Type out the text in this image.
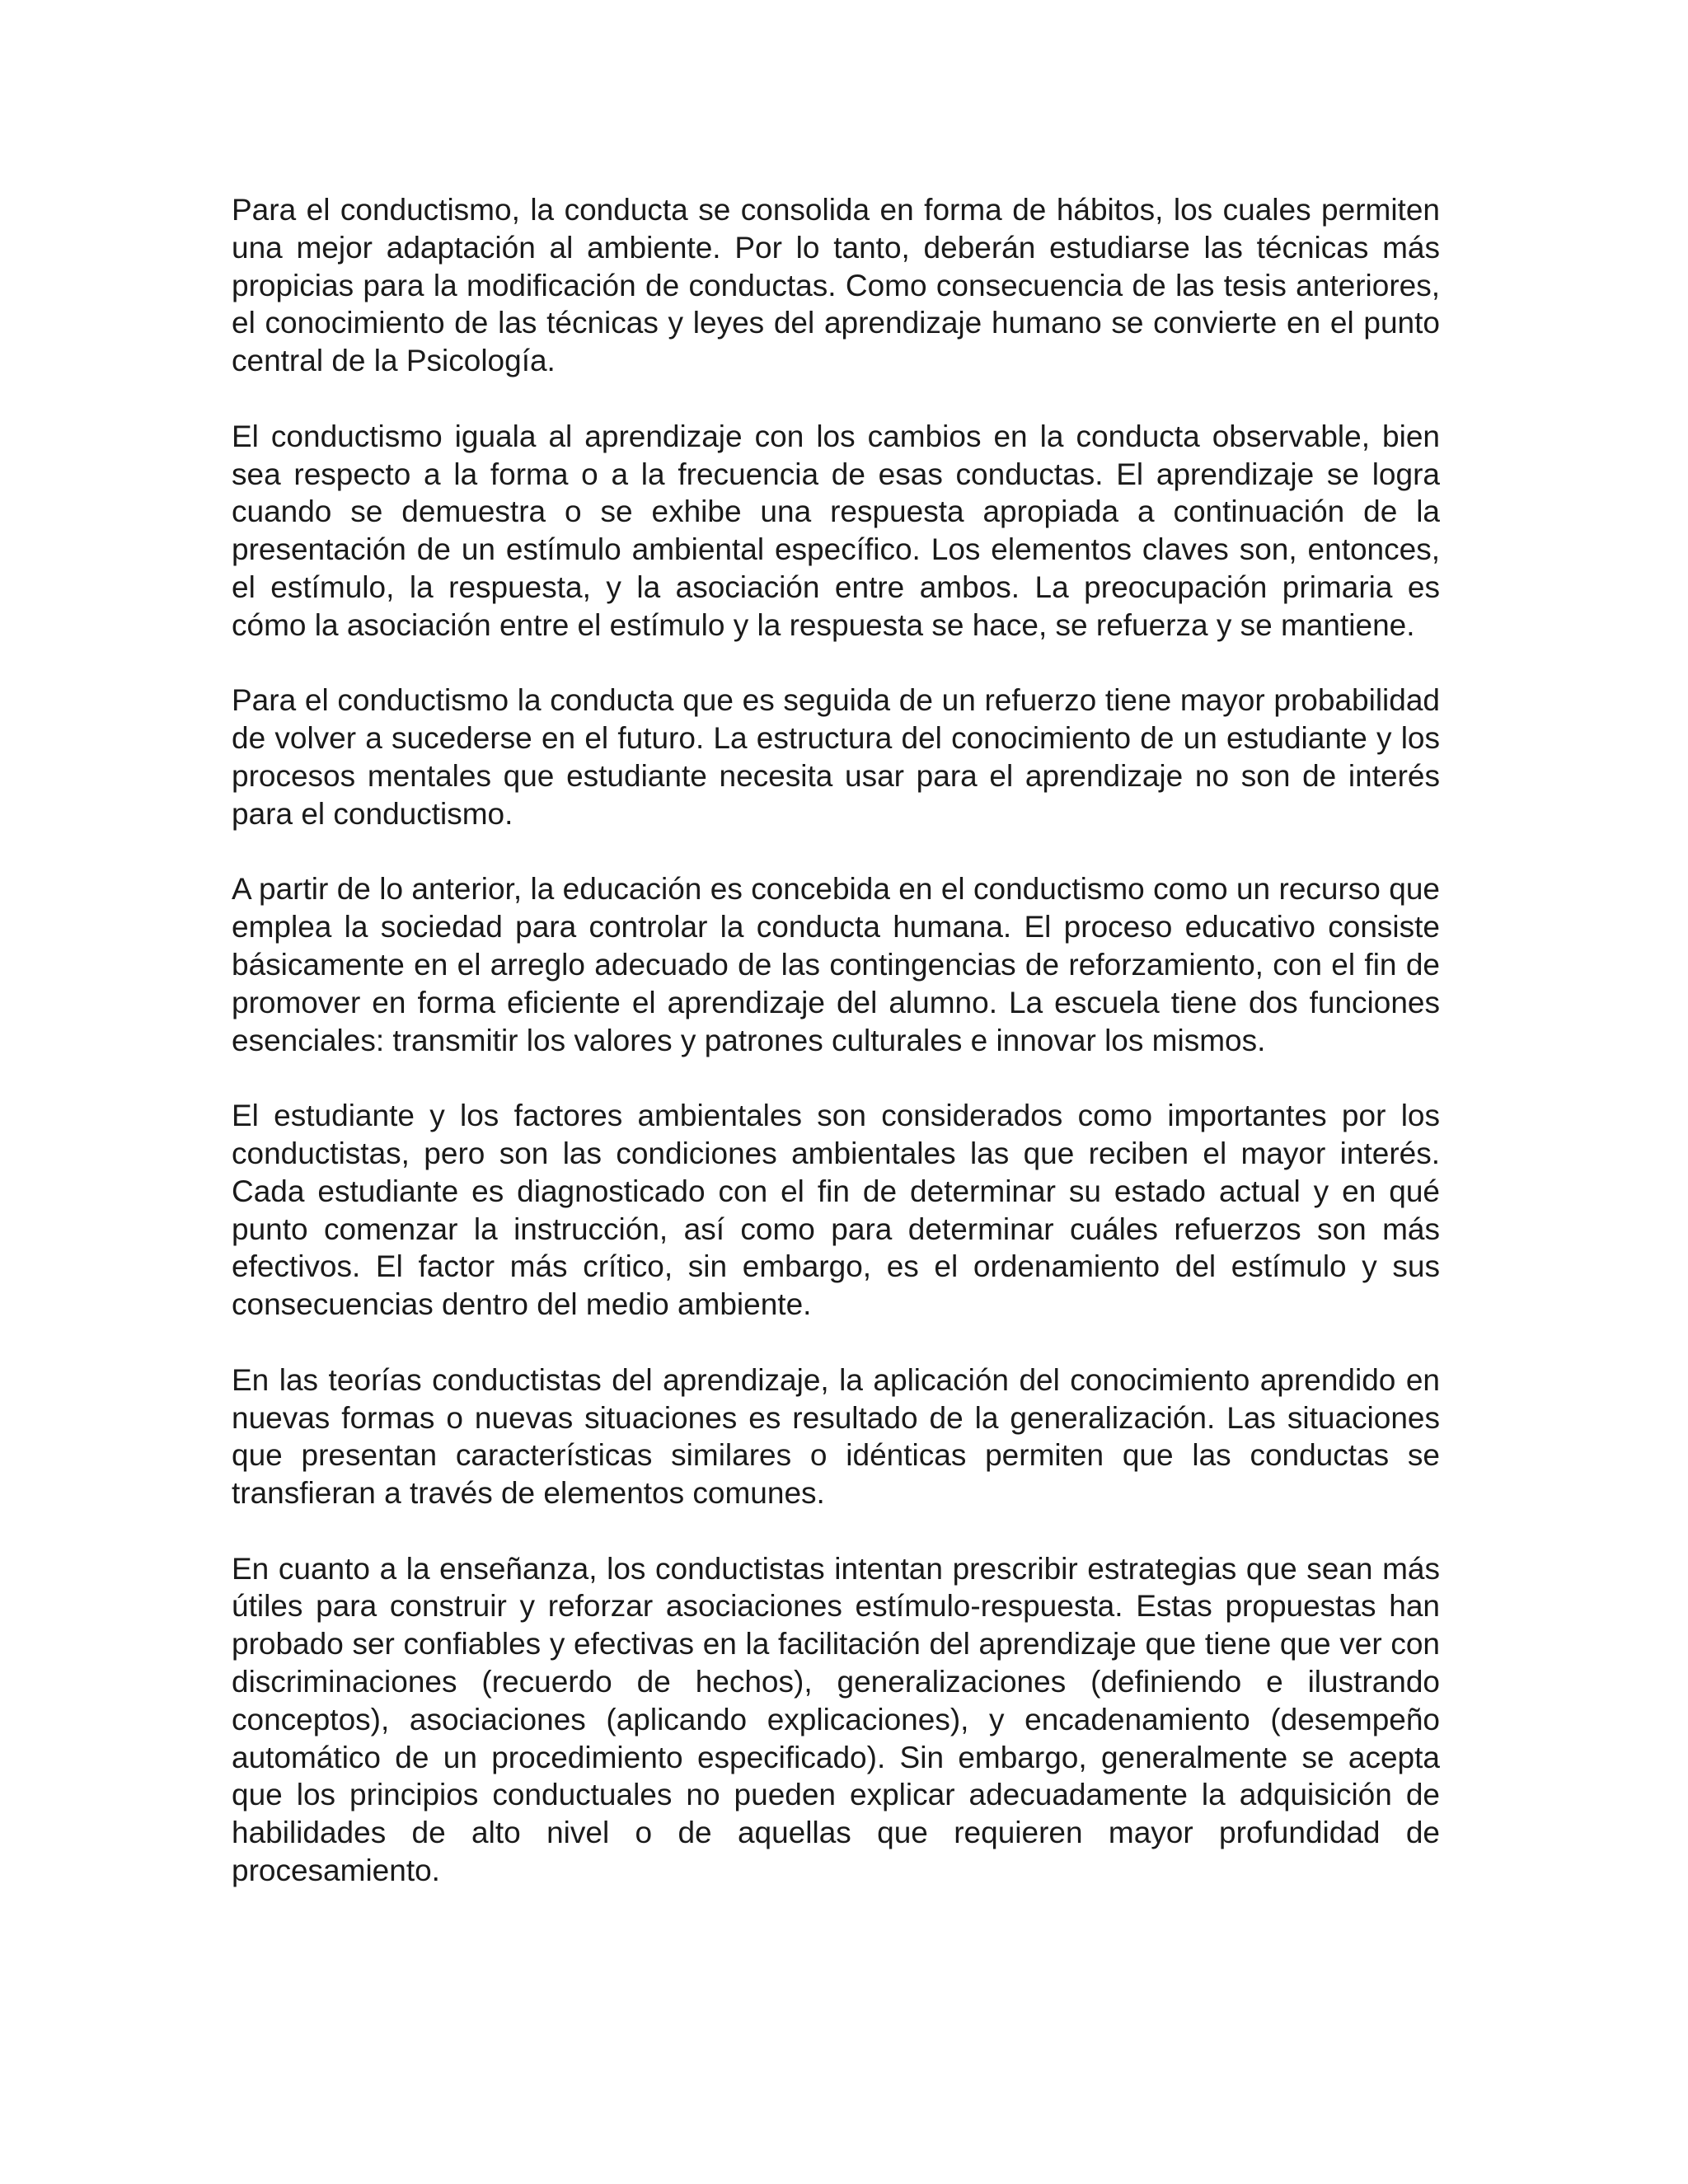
Para el conductismo, la conducta se consolida en forma de hábitos, los cuales permiten una mejor adaptación al ambiente. Por lo tanto, deberán estudiarse las técnicas más propicias para la modificación de conductas. Como consecuencia de las tesis anteriores, el conocimiento de las técnicas y leyes del aprendizaje humano se convierte en el punto central de la Psicología.

El conductismo iguala al aprendizaje con los cambios en la conducta observable, bien sea respecto a la forma o a la frecuencia de esas conductas. El aprendizaje se logra cuando se demuestra o se exhibe una respuesta apropiada a continuación de la presentación de un estímulo ambiental específico. Los elementos claves son, entonces, el estímulo, la respuesta, y la asociación entre ambos. La preocupación primaria es cómo la asociación entre el estímulo y la respuesta se hace, se refuerza y se mantiene.

Para el conductismo la conducta que es seguida de un refuerzo tiene mayor probabilidad de volver a sucederse en el futuro. La estructura del conocimiento de un estudiante y los procesos mentales que estudiante necesita usar para el aprendizaje no son de interés para el conductismo.

A partir de lo anterior, la educación es concebida en el conductismo como un recurso que emplea la sociedad para controlar la conducta humana. El proceso educativo consiste básicamente en el arreglo adecuado de las contingencias de reforzamiento, con el fin de promover en forma eficiente el aprendizaje del alumno. La escuela tiene dos funciones esenciales: transmitir los valores y patrones culturales e innovar los mismos.

El estudiante y los factores ambientales son considerados como importantes por los conductistas, pero son las condiciones ambientales las que reciben el mayor interés. Cada estudiante es diagnosticado con el fin de determinar su estado actual y en qué punto comenzar la instrucción, así como para determinar cuáles refuerzos son más efectivos. El factor más crítico, sin embargo, es el ordenamiento del estímulo y sus consecuencias dentro del medio ambiente.

En las teorías conductistas del aprendizaje, la aplicación del conocimiento aprendido en nuevas formas o nuevas situaciones es resultado de la generalización. Las situaciones que presentan características similares o idénticas permiten que las conductas se transfieran a través de elementos comunes.

En cuanto a la enseñanza, los conductistas intentan prescribir estrategias que sean más útiles para construir y reforzar asociaciones estímulo-respuesta. Estas propuestas han probado ser confiables y efectivas en la facilitación del aprendizaje que tiene que ver con discriminaciones (recuerdo de hechos), generalizaciones (definiendo e ilustrando conceptos), asociaciones (aplicando explicaciones), y encadenamiento (desempeño automático de un procedimiento especificado). Sin embargo, generalmente se acepta que los principios conductuales no pueden explicar adecuadamente la adquisición de habilidades de alto nivel o de aquellas que requieren mayor profundidad de procesamiento.
